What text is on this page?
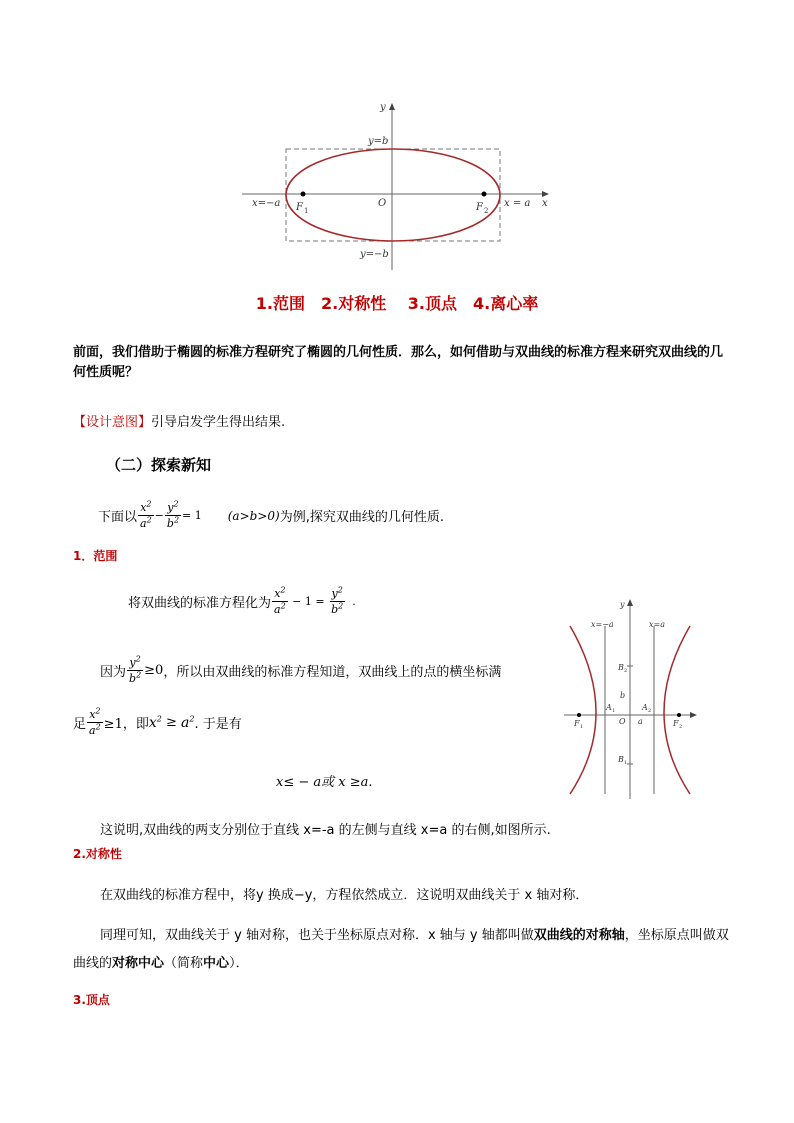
y
x
y=b
y=−b
x=−a	x = a
O
F 1	F 2
1.范围　2.对称性　 3.顶点　4.离心率
前面，我们借助于椭圆的标准方程研究了椭圆的几何性质．那么，如何借助与双曲线的标准方程来研究双曲线的几何性质呢？
【设计意图】引导启发学生得出结果.
（二）探索新知
下面以 $\frac{x^2}{a^2} - \frac{y^2}{b^2} = 1$ (a>b>0) 为例,探究双曲线的几何性质.
1．范围
将双曲线的标准方程化为 $\frac{x^2}{a^2} - 1 = \frac{y^2}{b^2}$ .
因为 $\frac{y^2}{b^2} \ge 0$ ，所以由双曲线的标准方程知道，双曲线上的点的横坐标满
足 $\frac{x^2}{a^2} \ge 1$，即 $x^2 \ge a^2$ . 于是有
x≤ − a或 x ≥a.
这说明,双曲线的两支分别位于直线 x=-a 的左侧与直线 x=a 的右侧,如图所示.
y
x=−a	x=a
B 2
b
A 1	A 2
O a
F 1	F 2
B 1
2.对称性
在双曲线的标准方程中，将y 换成−y，方程依然成立．这说明双曲线关于 x 轴对称．
同理可知，双曲线关于 y 轴对称，也关于坐标原点对称．x 轴与 y 轴都叫做双曲线的对称轴，坐标原点叫做双曲线的对称中心（简称中心）．
3.顶点
